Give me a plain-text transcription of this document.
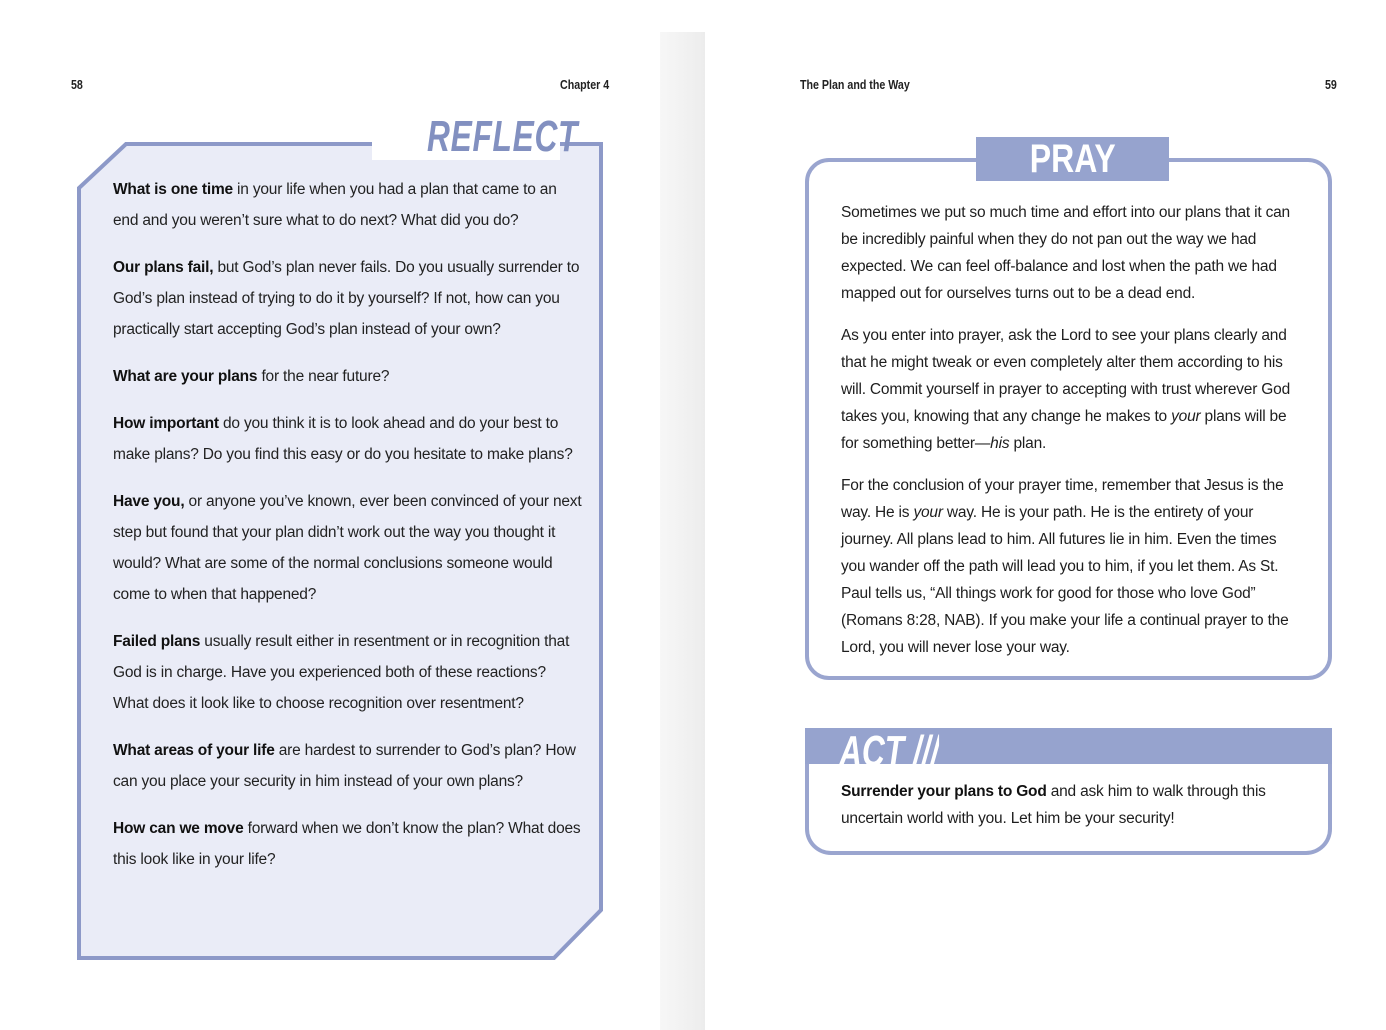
58	Chapter 4
REFLECT

What is one time in your life when you had a plan that came to an end and you weren’t sure what to do next? What did you do?

Our plans fail, but God’s plan never fails. Do you usually surrender to God’s plan instead of trying to do it by yourself? If not, how can you practically start accepting God’s plan instead of your own?

What are your plans for the near future?

How important do you think it is to look ahead and do your best to make plans? Do you find this easy or do you hesitate to make plans?

Have you, or anyone you’ve known, ever been convinced of your next step but found that your plan didn’t work out the way you thought it would? What are some of the normal conclusions someone would come to when that happened?

Failed plans usually result either in resentment or in recognition that God is in charge. Have you experienced both of these reactions? What does it look like to choose recognition over resentment?

What areas of your life are hardest to surrender to God’s plan? How can you place your security in him instead of your own plans?

How can we move forward when we don’t know the plan? What does this look like in your life?

The Plan and the Way	59
PRAY

Sometimes we put so much time and effort into our plans that it can be incredibly painful when they do not pan out the way we had expected. We can feel off-balance and lost when the path we had mapped out for ourselves turns out to be a dead end.

As you enter into prayer, ask the Lord to see your plans clearly and that he might tweak or even completely alter them according to his will. Commit yourself in prayer to accepting with trust wherever God takes you, knowing that any change he makes to your plans will be for something better—his plan.

For the conclusion of your prayer time, remember that Jesus is the way. He is your way. He is your path. He is the entirety of your journey. All plans lead to him. All futures lie in him. Even the times you wander off the path will lead you to him, if you let them. As St. Paul tells us, “All things work for good for those who love God” (Romans 8:28, NAB). If you make your life a continual prayer to the Lord, you will never lose your way.

ACT ///

Surrender your plans to God and ask him to walk through this uncertain world with you. Let him be your security!
